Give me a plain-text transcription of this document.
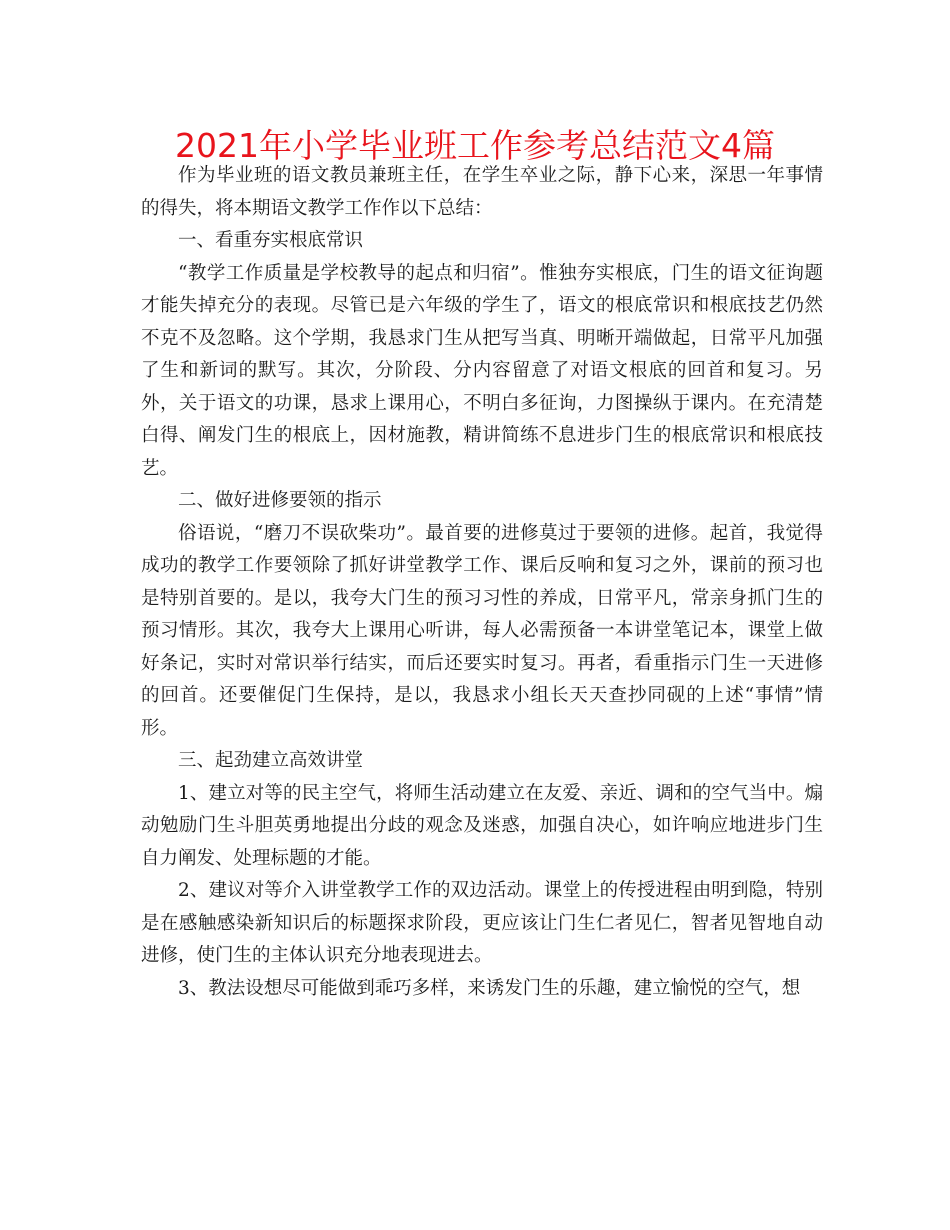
2021年小学毕业班工作参考总结范文4篇

作为毕业班的语文教员兼班主任，在学生卒业之际，静下心来，深思一年事情的得失，将本期语文教学工作作以下总结：

一、看重夯实根底常识

“教学工作质量是学校教导的起点和归宿”。惟独夯实根底，门生的语文征询题才能失掉充分的表现。尽管已是六年级的学生了，语文的根底常识和根底技艺仍然不克不及忽略。这个学期，我恳求门生从把写当真、明晰开端做起，日常平凡加强了生和新词的默写。其次，分阶段、分内容留意了对语文根底的回首和复习。另外，关于语文的功课，恳求上课用心，不明白多征询，力图操纵于课内。在充清楚白得、阐发门生的根底上，因材施教，精讲简练不息进步门生的根底常识和根底技艺。

二、做好进修要领的指示

俗语说，“磨刀不误砍柴功”。最首要的进修莫过于要领的进修。起首，我觉得成功的教学工作要领除了抓好讲堂教学工作、课后反响和复习之外，课前的预习也是特别首要的。是以，我夸大门生的预习习性的养成，日常平凡，常亲身抓门生的预习情形。其次，我夸大上课用心听讲，每人必需预备一本讲堂笔记本，课堂上做好条记，实时对常识举行结实，而后还要实时复习。再者，看重指示门生一天进修的回首。还要催促门生保持，是以，我恳求小组长天天查抄同砚的上述“事情”情形。

三、起劲建立高效讲堂

1、建立对等的民主空气，将师生活动建立在友爱、亲近、调和的空气当中。煽动勉励门生斗胆英勇地提出分歧的观念及迷惑，加强自决心，如许响应地进步门生自力阐发、处理标题的才能。

2、建议对等介入讲堂教学工作的双边活动。课堂上的传授进程由明到隐，特别是在感触感染新知识后的标题探求阶段，更应该让门生仁者见仁，智者见智地自动进修，使门生的主体认识充分地表现进去。

3、教法设想尽可能做到乖巧多样，来诱发门生的乐趣，建立愉悦的空气，想
